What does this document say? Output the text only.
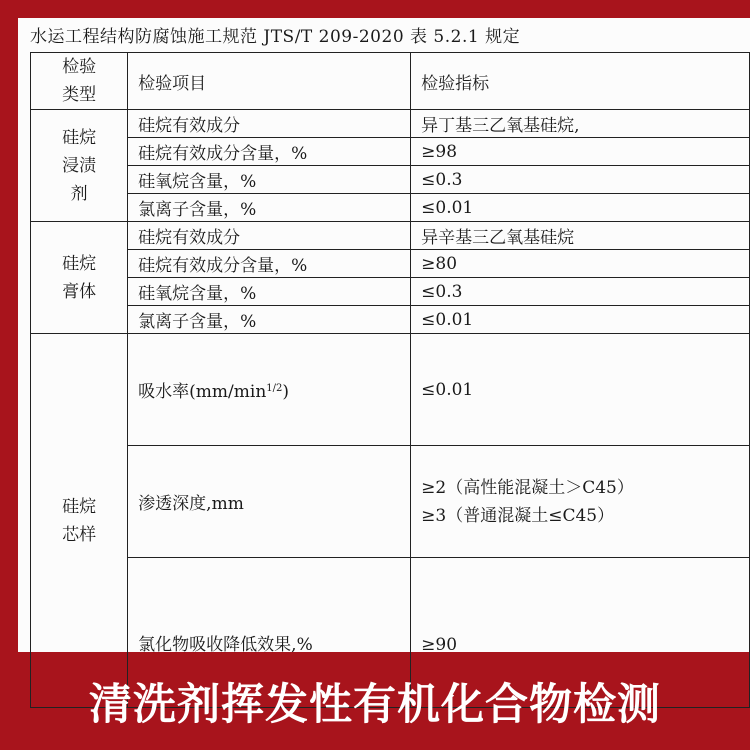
水运工程结构防腐蚀施工规范 JTS/T 209-2020 表 5.2.1 规定
检验
类型	检验项目	检验指标

硅烷
浸渍
剂	硅烷有效成分	异丁基三乙氧基硅烷,
	硅烷有效成分含量，%	≥98
	硅氧烷含量，%	≤0.3
	氯离子含量，%	≤0.01

硅烷
膏体	硅烷有效成分	异辛基三乙氧基硅烷
	硅烷有效成分含量，%	≥80
	硅氧烷含量，%	≤0.3
	氯离子含量，%	≤0.01

硅烷
芯样	吸水率$(mm/\min^{1/2})$	≤0.01
	渗透深度,mm	≥2（高性能混凝土＞C45）
≥3（普通混凝土≤C45）

	氯化物吸收降低效果,%	≥90
清洗剂挥发性有机化合物检测
